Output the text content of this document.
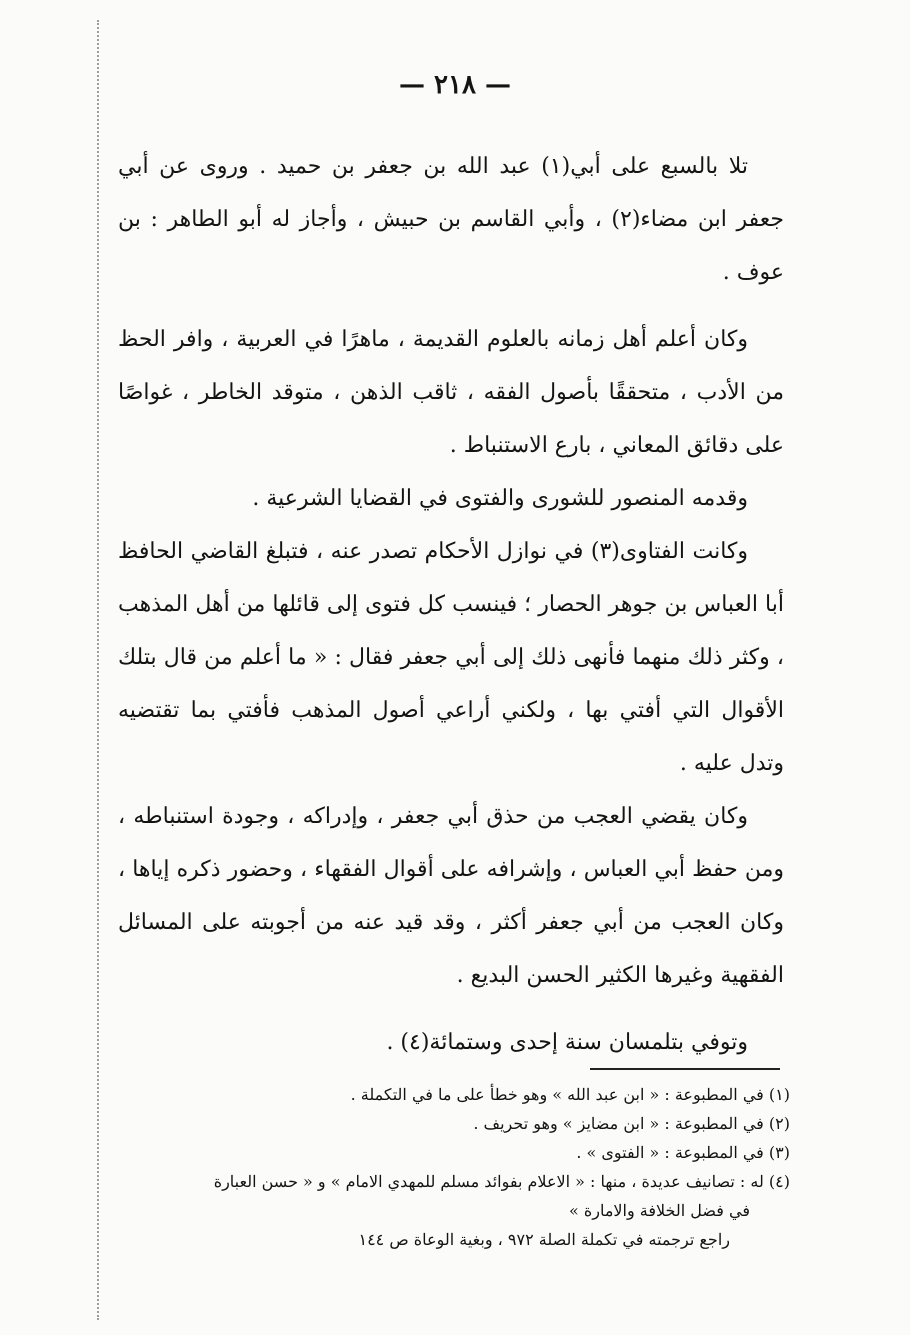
— ٢١٨ —

تلا بالسبع على أبي(١) عبد الله بن جعفر بن حميد . وروى عن أبي جعفر ابن مضاء(٢) ، وأبي القاسم بن حبيش ، وأجاز له أبو الطاهر : بن عوف .

وكان أعلم أهل زمانه بالعلوم القديمة ، ماهرًا في العربية ، وافر الحظ من الأدب ، متحققًا بأصول الفقه ، ثاقب الذهن ، متوقد الخاطر ، غواصًا على دقائق المعاني ، بارع الاستنباط .

وقدمه المنصور للشورى والفتوى في القضايا الشرعية .

وكانت الفتاوى(٣) في نوازل الأحكام تصدر عنه ، فتبلغ القاضي الحافظ أبا العباس بن جوهر الحصار ؛ فينسب كل فتوى إلى قائلها من أهل المذهب ، وكثر ذلك منهما فأنهى ذلك إلى أبي جعفر فقال : « ما أعلم من قال بتلك الأقوال التي أفتي بها ، ولكني أراعي أصول المذهب فأفتي بما تقتضيه وتدل عليه .

وكان يقضي العجب من حذق أبي جعفر ، وإدراكه ، وجودة استنباطه ، ومن حفظ أبي العباس ، وإشرافه على أقوال الفقهاء ، وحضور ذكره إياها ، وكان العجب من أبي جعفر أكثر ، وقد قيد عنه من أجوبته على المسائل الفقهية وغيرها الكثير الحسن البديع .

وتوفي بتلمسان سنة إحدى وستمائة(٤) .

(١) في المطبوعة : « ابن عبد الله » وهو خطأ على ما في التكملة .

(٢) في المطبوعة : « ابن مضايز » وهو تحريف .

(٣) في المطبوعة : « الفتوى » .

(٤) له : تصانيف عديدة ، منها : « الاعلام بفوائد مسلم للمهدي الامام » و « حسن العبارة

في فضل الخلافة والامارة »

راجع ترجمته في تكملة الصلة ٩٧٢ ، وبغية الوعاة ص ١٤٤
